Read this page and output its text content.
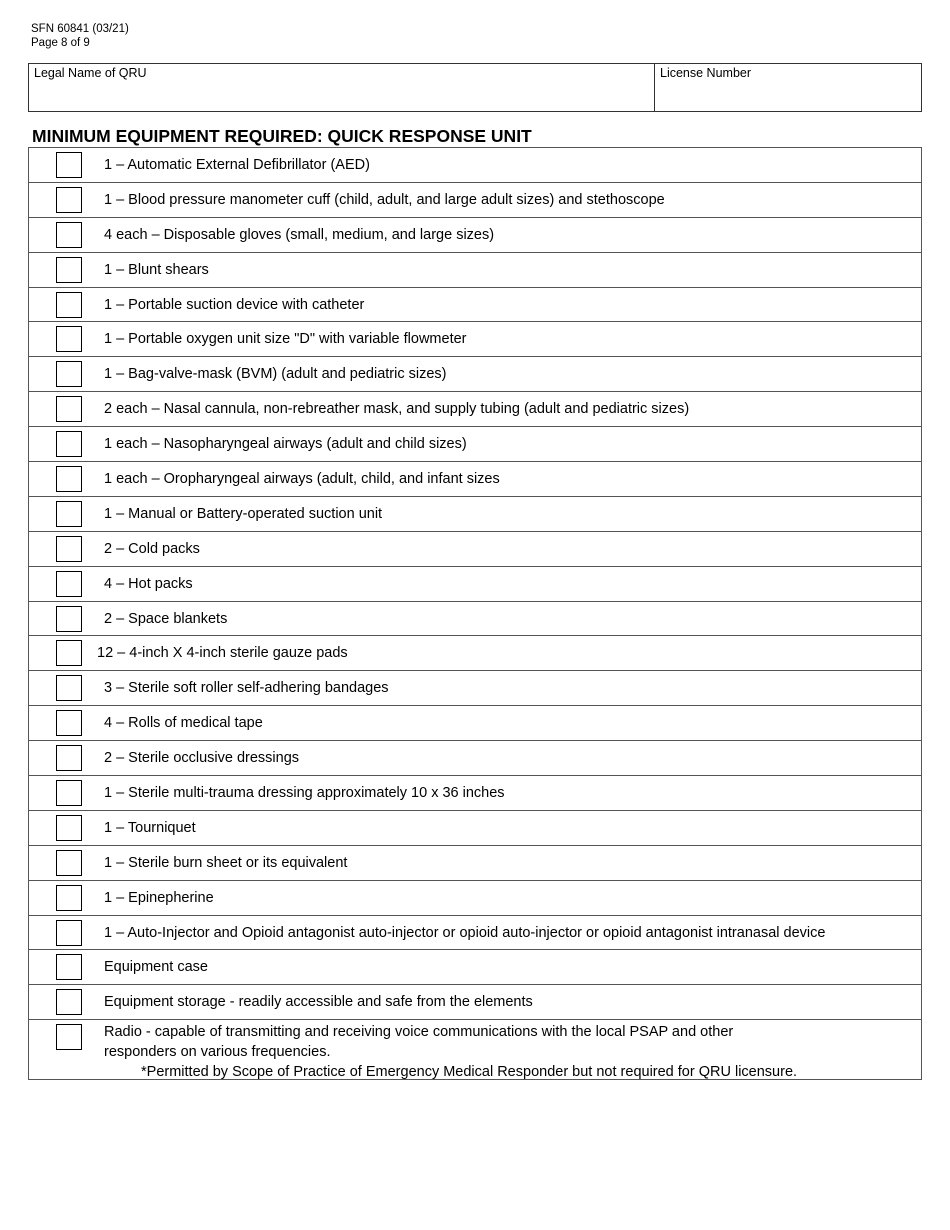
SFN 60841 (03/21)
Page 8 of 9
Legal Name of QRU	License Number
MINIMUM EQUIPMENT REQUIRED: QUICK RESPONSE UNIT
1 – Automatic External Defibrillator (AED)
1 – Blood pressure manometer cuff (child, adult, and large adult sizes) and stethoscope
4 each – Disposable gloves (small, medium, and large sizes)
1 – Blunt shears
1 – Portable suction device with catheter
1 – Portable oxygen unit size "D" with variable flowmeter
1 – Bag-valve-mask (BVM) (adult and pediatric sizes)
2 each – Nasal cannula, non-rebreather mask, and supply tubing (adult and pediatric sizes)
1 each – Nasopharyngeal airways (adult and child sizes)
1 each – Oropharyngeal airways (adult, child, and infant sizes
1 – Manual or Battery-operated suction unit
2 – Cold packs
4 – Hot packs
2 – Space blankets
12 – 4-inch X 4-inch sterile gauze pads
3 – Sterile soft roller self-adhering bandages
4 – Rolls of medical tape
2 – Sterile occlusive dressings
1 – Sterile multi-trauma dressing approximately 10 x 36 inches
1 – Tourniquet
1 – Sterile burn sheet or its equivalent
1 – Epinepherine
1 – Auto-Injector and Opioid antagonist auto-injector or opioid auto-injector or opioid antagonist intranasal device
Equipment case
Equipment storage - readily accessible and safe from the elements
Radio - capable of transmitting and receiving voice communications with the local PSAP and other
responders on various frequencies.
*Permitted by Scope of Practice of Emergency Medical Responder but not required for QRU licensure.
